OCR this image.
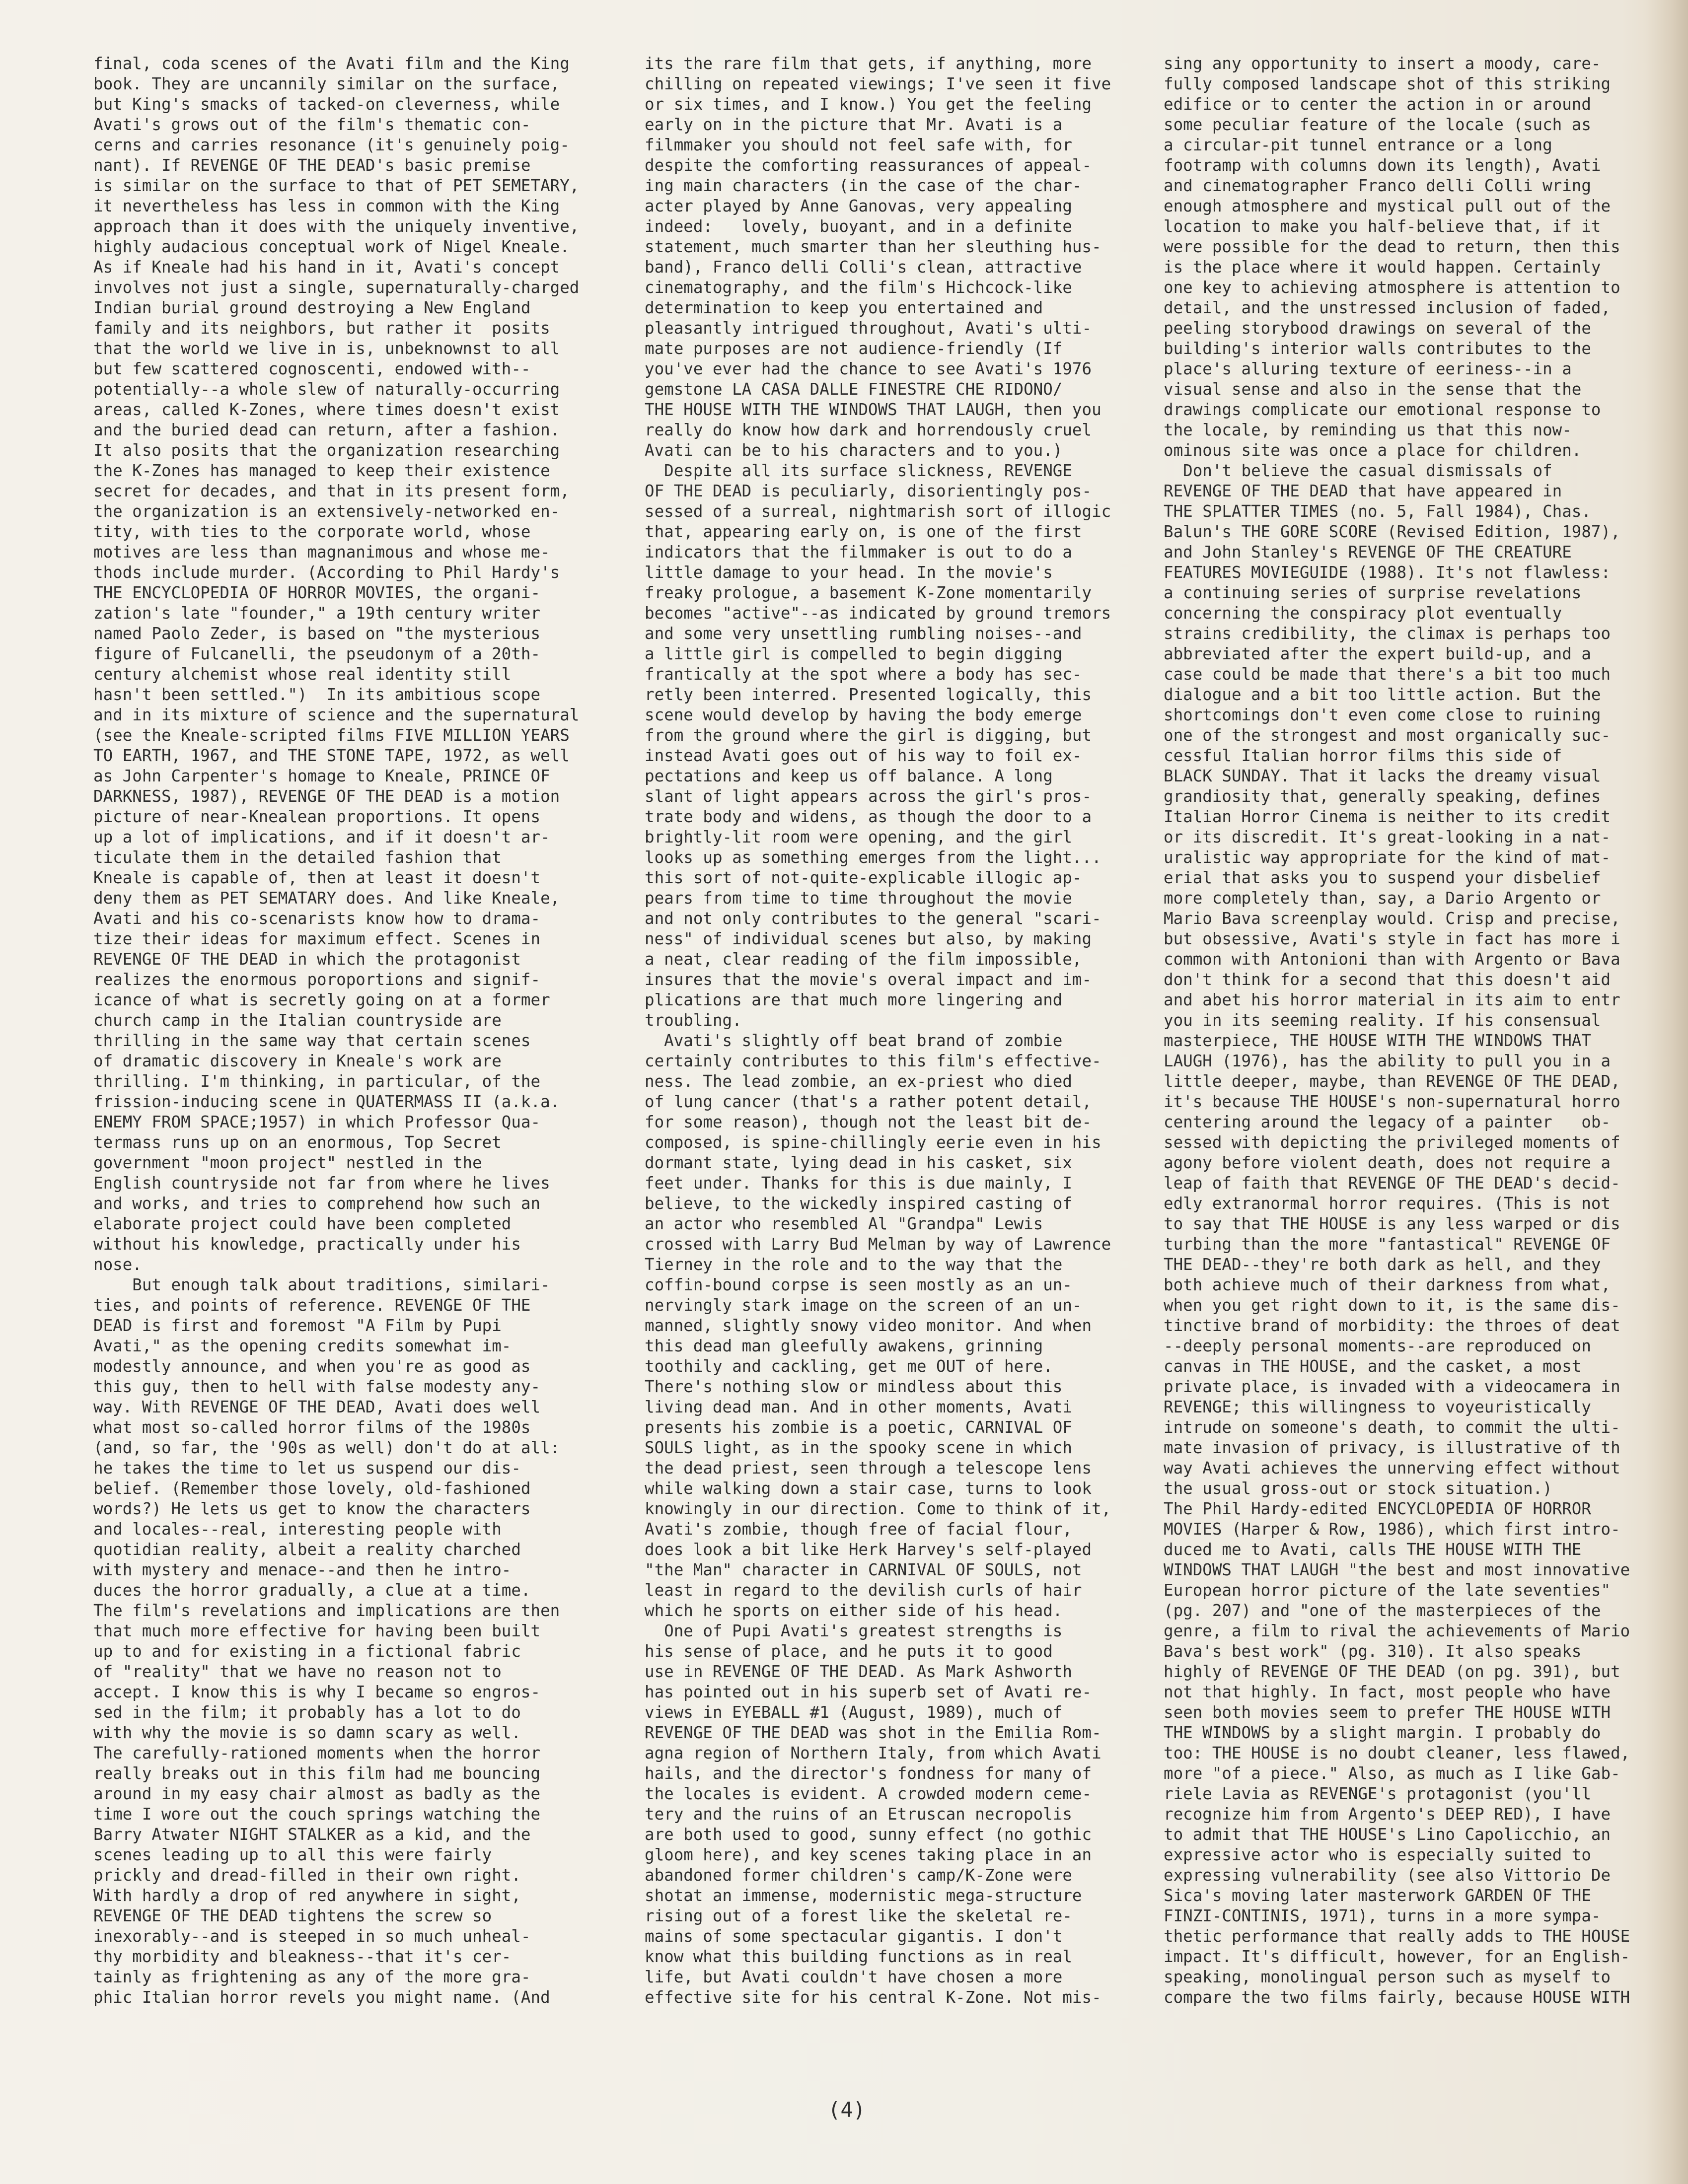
final, coda scenes of the Avati film and the King
book. They are uncannily similar on the surface,
but King's smacks of tacked-on cleverness, while
Avati's grows out of the film's thematic con-
cerns and carries resonance (it's genuinely poig-
nant). If REVENGE OF THE DEAD's basic premise
is similar on the surface to that of PET SEMETARY,
it nevertheless has less in common with the King
approach than it does with the uniquely inventive,
highly audacious conceptual work of Nigel Kneale.
As if Kneale had his hand in it, Avati's concept
involves not just a single, supernaturally-charged
Indian burial ground destroying a New England
family and its neighbors, but rather it  posits
that the world we live in is, unbeknownst to all
but few scattered cognoscenti, endowed with--
potentially--a whole slew of naturally-occurring
areas, called K-Zones, where times doesn't exist
and the buried dead can return, after a fashion.
It also posits that the organization researching
the K-Zones has managed to keep their existence
secret for decades, and that in its present form,
the organization is an extensively-networked en-
tity, with ties to the corporate world, whose
motives are less than magnanimous and whose me-
thods include murder. (According to Phil Hardy's
THE ENCYCLOPEDIA OF HORROR MOVIES, the organi-
zation's late "founder," a 19th century writer
named Paolo Zeder, is based on "the mysterious
figure of Fulcanelli, the pseudonym of a 20th-
century alchemist whose real identity still
hasn't been settled.")  In its ambitious scope
and in its mixture of science and the supernatural
(see the Kneale-scripted films FIVE MILLION YEARS
TO EARTH, 1967, and THE STONE TAPE, 1972, as well
as John Carpenter's homage to Kneale, PRINCE OF
DARKNESS, 1987), REVENGE OF THE DEAD is a motion
picture of near-Knealean proportions. It opens
up a lot of implications, and if it doesn't ar-
ticulate them in the detailed fashion that
Kneale is capable of, then at least it doesn't
deny them as PET SEMATARY does. And like Kneale,
Avati and his co-scenarists know how to drama-
tize their ideas for maximum effect. Scenes in
REVENGE OF THE DEAD in which the protagonist
realizes the enormous poroportions and signif-
icance of what is secretly going on at a former
church camp in the Italian countryside are
thrilling in the same way that certain scenes
of dramatic discovery in Kneale's work are
thrilling. I'm thinking, in particular, of the
frission-inducing scene in QUATERMASS II (a.k.a.
ENEMY FROM SPACE;1957) in which Professor Qua-
termass runs up on an enormous, Top Secret
government "moon project" nestled in the
English countryside not far from where he lives
and works, and tries to comprehend how such an
elaborate project could have been completed
without his knowledge, practically under his
nose.
But enough talk about traditions, similari-
ties, and points of reference. REVENGE OF THE
DEAD is first and foremost "A Film by Pupi
Avati," as the opening credits somewhat im-
modestly announce, and when you're as good as
this guy, then to hell with false modesty any-
way. With REVENGE OF THE DEAD, Avati does well
what most so-called horror films of the 1980s
(and, so far, the '90s as well) don't do at all:
he takes the time to let us suspend our dis-
belief. (Remember those lovely, old-fashioned
words?) He lets us get to know the characters
and locales--real, interesting people with
quotidian reality, albeit a reality charched
with mystery and menace--and then he intro-
duces the horror gradually, a clue at a time.
The film's revelations and implications are then
that much more effective for having been built
up to and for existing in a fictional fabric
of "reality" that we have no reason not to
accept. I know this is why I became so engros-
sed in the film; it probably has a lot to do
with why the movie is so damn scary as well.
The carefully-rationed moments when the horror
really breaks out in this film had me bouncing
around in my easy chair almost as badly as the
time I wore out the couch springs watching the
Barry Atwater NIGHT STALKER as a kid, and the
scenes leading up to all this were fairly
prickly and dread-filled in their own right.
With hardly a drop of red anywhere in sight,
REVENGE OF THE DEAD tightens the screw so
inexorably--and is steeped in so much unheal-
thy morbidity and bleakness--that it's cer-
tainly as frightening as any of the more gra-
phic Italian horror revels you might name. (And
its the rare film that gets, if anything, more
chilling on repeated viewings; I've seen it five
or six times, and I know.) You get the feeling
early on in the picture that Mr. Avati is a
filmmaker you should not feel safe with, for
despite the comforting reassurances of appeal-
ing main characters (in the case of the char-
acter played by Anne Ganovas, very appealing
indeed:   lovely, buoyant, and in a definite
statement, much smarter than her sleuthing hus-
band), Franco delli Colli's clean, attractive
cinematography, and the film's Hichcock-like
determination to keep you entertained and
pleasantly intrigued throughout, Avati's ulti-
mate purposes are not audience-friendly (If
you've ever had the chance to see Avati's 1976
gemstone LA CASA DALLE FINESTRE CHE RIDONO/
THE HOUSE WITH THE WINDOWS THAT LAUGH, then you
really do know how dark and horrendously cruel
Avati can be to his characters and to you.)
Despite all its surface slickness, REVENGE
OF THE DEAD is peculiarly, disorientingly pos-
sessed of a surreal, nightmarish sort of illogic
that, appearing early on, is one of the first
indicators that the filmmaker is out to do a
little damage to your head. In the movie's
freaky prologue, a basement K-Zone momentarily
becomes "active"--as indicated by ground tremors
and some very unsettling rumbling noises--and
a little girl is compelled to begin digging
frantically at the spot where a body has sec-
retly been interred. Presented logically, this
scene would develop by having the body emerge
from the ground where the girl is digging, but
instead Avati goes out of his way to foil ex-
pectations and keep us off balance. A long
slant of light appears across the girl's pros-
trate body and widens, as though the door to a
brightly-lit room were opening, and the girl
looks up as something emerges from the light...
this sort of not-quite-explicable illogic ap-
pears from time to time throughout the movie
and not only contributes to the general "scari-
ness" of individual scenes but also, by making
a neat, clear reading of the film impossible,
insures that the movie's overal impact and im-
plications are that much more lingering and
troubling.
Avati's slightly off beat brand of zombie
certainly contributes to this film's effective-
ness. The lead zombie, an ex-priest who died
of lung cancer (that's a rather potent detail,
for some reason), though not the least bit de-
composed, is spine-chillingly eerie even in his
dormant state, lying dead in his casket, six
feet under. Thanks for this is due mainly, I
believe, to the wickedly inspired casting of
an actor who resembled Al "Grandpa" Lewis
crossed with Larry Bud Melman by way of Lawrence
Tierney in the role and to the way that the
coffin-bound corpse is seen mostly as an un-
nervingly stark image on the screen of an un-
manned, slightly snowy video monitor. And when
this dead man gleefully awakens, grinning
toothily and cackling, get me OUT of here.
There's nothing slow or mindless about this
living dead man. And in other moments, Avati
presents his zombie is a poetic, CARNIVAL OF
SOULS light, as in the spooky scene in which
the dead priest, seen through a telescope lens
while walking down a stair case, turns to look
knowingly in our direction. Come to think of it,
Avati's zombie, though free of facial flour,
does look a bit like Herk Harvey's self-played
"the Man" character in CARNIVAL OF SOULS, not
least in regard to the devilish curls of hair
which he sports on either side of his head.
One of Pupi Avati's greatest strengths is
his sense of place, and he puts it to good
use in REVENGE OF THE DEAD. As Mark Ashworth
has pointed out in his superb set of Avati re-
views in EYEBALL #1 (August, 1989), much of
REVENGE OF THE DEAD was shot in the Emilia Rom-
agna region of Northern Italy, from which Avati
hails, and the director's fondness for many of
the locales is evident. A crowded modern ceme-
tery and the ruins of an Etruscan necropolis
are both used to good, sunny effect (no gothic
gloom here), and key scenes taking place in an
abandoned former children's camp/K-Zone were
shotat an immense, modernistic mega-structure
rising out of a forest like the skeletal re-
mains of some spectacular gigantis. I don't
know what this building functions as in real
life, but Avati couldn't have chosen a more
effective site for his central K-Zone. Not mis-
sing any opportunity to insert a moody, care-
fully composed landscape shot of this striking
edifice or to center the action in or around
some peculiar feature of the locale (such as
a circular-pit tunnel entrance or a long
footramp with columns down its length), Avati
and cinematographer Franco delli Colli wring
enough atmosphere and mystical pull out of the
location to make you half-believe that, if it
were possible for the dead to return, then this
is the place where it would happen. Certainly
one key to achieving atmosphere is attention to
detail, and the unstressed inclusion of faded,
peeling storybood drawings on several of the
building's interior walls contributes to the
place's alluring texture of eeriness--in a
visual sense and also in the sense that the
drawings complicate our emotional response to
the locale, by reminding us that this now-
ominous site was once a place for children.
Don't believe the casual dismissals of
REVENGE OF THE DEAD that have appeared in
THE SPLATTER TIMES (no. 5, Fall 1984), Chas.
Balun's THE GORE SCORE (Revised Edition, 1987),
and John Stanley's REVENGE OF THE CREATURE
FEATURES MOVIEGUIDE (1988). It's not flawless:
a continuing series of surprise revelations
concerning the conspiracy plot eventually
strains credibility, the climax is perhaps too
abbreviated after the expert build-up, and a
case could be made that there's a bit too much
dialogue and a bit too little action. But the
shortcomings don't even come close to ruining
one of the strongest and most organically suc-
cessful Italian horror films this side of
BLACK SUNDAY. That it lacks the dreamy visual
grandiosity that, generally speaking, defines
Italian Horror Cinema is neither to its credit
or its discredit. It's great-looking in a nat-
uralistic way appropriate for the kind of mat-
erial that asks you to suspend your disbelief
more completely than, say, a Dario Argento or
Mario Bava screenplay would. Crisp and precise,
but obsessive, Avati's style in fact has more i
common with Antonioni than with Argento or Bava
don't think for a second that this doesn't aid
and abet his horror material in its aim to entr
you in its seeming reality. If his consensual
masterpiece, THE HOUSE WITH THE WINDOWS THAT
LAUGH (1976), has the ability to pull you in a
little deeper, maybe, than REVENGE OF THE DEAD,
it's because THE HOUSE's non-supernatural horro
centering around the legacy of a painter   ob-
sessed with depicting the privileged moments of
agony before violent death, does not require a
leap of faith that REVENGE OF THE DEAD's decid-
edly extranormal horror requires. (This is not
to say that THE HOUSE is any less warped or dis
turbing than the more "fantastical" REVENGE OF
THE DEAD--they're both dark as hell, and they
both achieve much of their darkness from what,
when you get right down to it, is the same dis-
tinctive brand of morbidity: the throes of deat
--deeply personal moments--are reproduced on
canvas in THE HOUSE, and the casket, a most
private place, is invaded with a videocamera in
REVENGE; this willingness to voyeuristically
intrude on someone's death, to commit the ulti-
mate invasion of privacy, is illustrative of th
way Avati achieves the unnerving effect without
the usual gross-out or stock situation.)
The Phil Hardy-edited ENCYCLOPEDIA OF HORROR
MOVIES (Harper & Row, 1986), which first intro-
duced me to Avati, calls THE HOUSE WITH THE
WINDOWS THAT LAUGH "the best and most innovative
European horror picture of the late seventies"
(pg. 207) and "one of the masterpieces of the
genre, a film to rival the achievements of Mario
Bava's best work" (pg. 310). It also speaks
highly of REVENGE OF THE DEAD (on pg. 391), but
not that highly. In fact, most people who have
seen both movies seem to prefer THE HOUSE WITH
THE WINDOWS by a slight margin. I probably do
too: THE HOUSE is no doubt cleaner, less flawed,
more "of a piece." Also, as much as I like Gab-
riele Lavia as REVENGE's protagonist (you'll
recognize him from Argento's DEEP RED), I have
to admit that THE HOUSE's Lino Capolicchio, an
expressive actor who is especially suited to
expressing vulnerability (see also Vittorio De
Sica's moving later masterwork GARDEN OF THE
FINZI-CONTINIS, 1971), turns in a more sympa-
thetic performance that really adds to THE HOUSE
impact. It's difficult, however, for an English-
speaking, monolingual person such as myself to
compare the two films fairly, because HOUSE WITH
(4)
